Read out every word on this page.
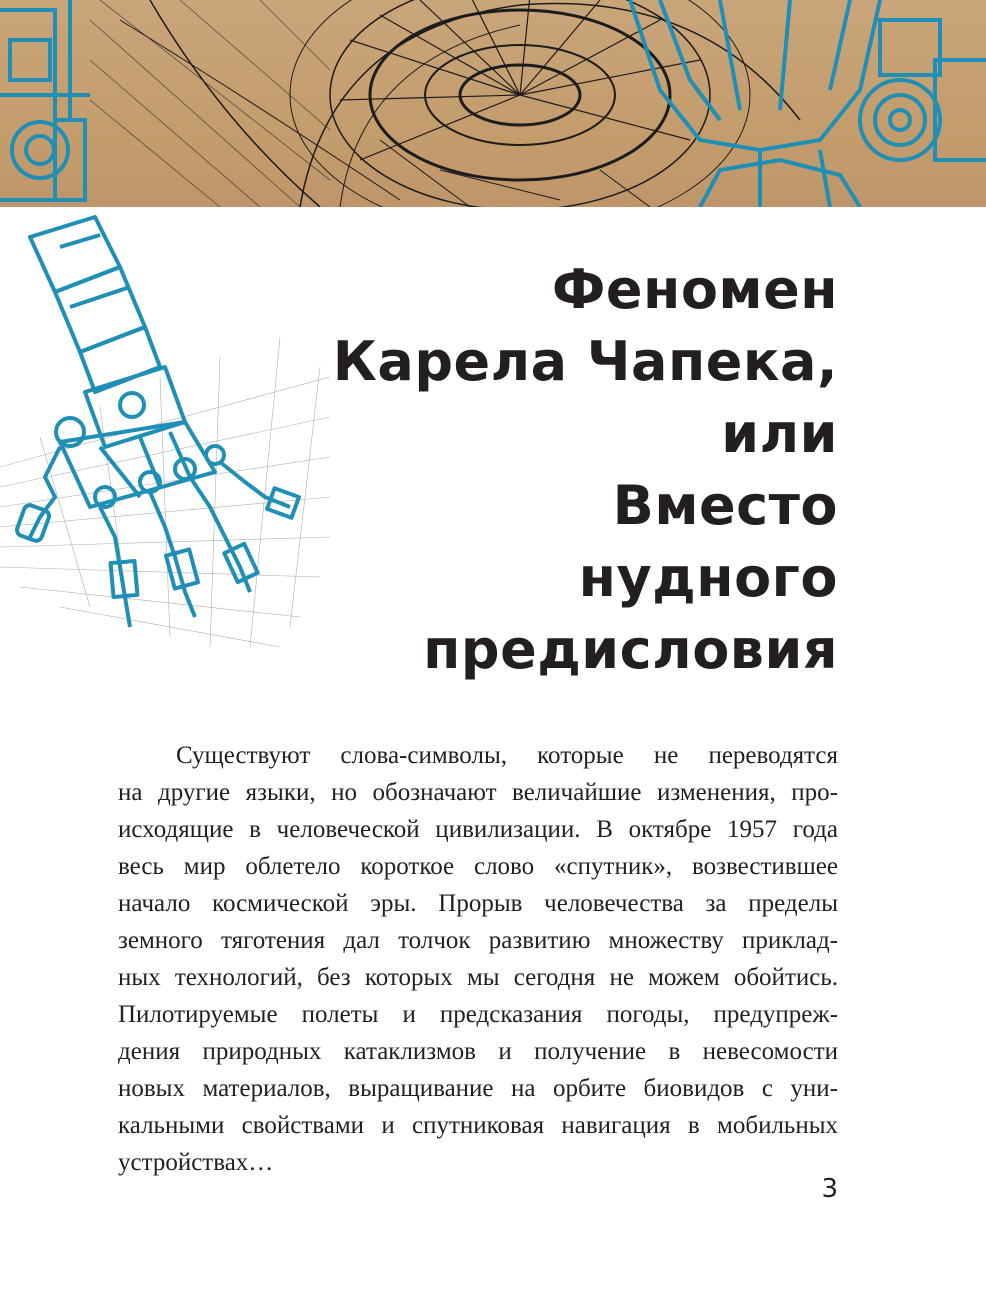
Феномен
Карела Чапека,
или
Вместо
нудного
предисловия
Существуют слова-символы, которые не переводятся
на другие языки, но обозначают величайшие изменения, про-
исходящие в человеческой цивилизации. В октябре 1957 года
весь мир облетело короткое слово «спутник», возвестившее
начало космической эры. Прорыв человечества за пределы
земного тяготения дал толчок развитию множеству приклад-
ных технологий, без которых мы сегодня не можем обойтись.
Пилотируемые полеты и предсказания погоды, предупреж-
дения природных катаклизмов и получение в невесомости
новых материалов, выращивание на орбите биовидов с уни-
кальными свойствами и спутниковая навигация в мобильных
устройствах…
3
